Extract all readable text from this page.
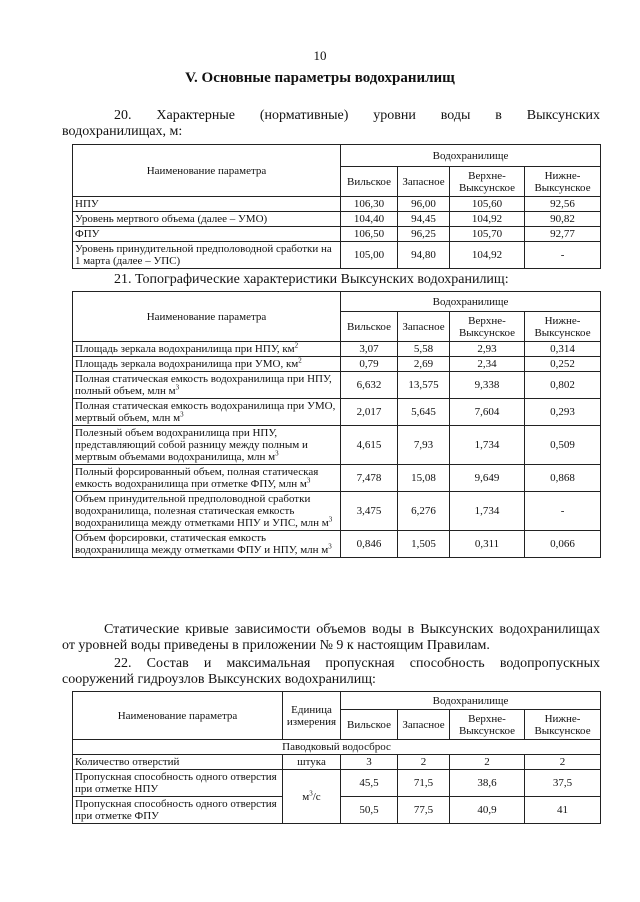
10
V. Основные параметры водохранилищ
20. Характерные (нормативные) уровни воды в Выксунских
водохранилищах, м:
Наименование параметра	Водохранилище			
	Вильское	Запасное	Верхне-Выксунское	Нижне-Выксунское
НПУ	106,30	96,00	105,60	92,56
Уровень мертвого объема (далее – УМО)	104,40	94,45	104,92	90,82
ФПУ	106,50	96,25	105,70	92,77
Уровень принудительной предполоводной сработки на 1 марта (далее – УПС)	105,00	94,80	104,92	-
21. Топографические характеристики Выксунских водохранилищ:
Наименование параметра	Водохранилище			
	Вильское	Запасное	Верхне-Выксунское	Нижне-Выксунское
Площадь зеркала водохранилища при НПУ, $км^2$	3,07	5,58	2,93	0,314
Площадь зеркала водохранилища при УМО, $км^2$	0,79	2,69	2,34	0,252
Полная статическая емкость водохранилища при НПУ, полный объем, млн $м^3$	6,632	13,575	9,338	0,802
Полная статическая емкость водохранилища при УМО, мертвый объем, млн $м^3$	2,017	5,645	7,604	0,293
Полезный объем водохранилища при НПУ, представляющий собой разницу между полным и мертвым объемами водохранилища, млн $м^3$	4,615	7,93	1,734	0,509
Полный форсированный объем, полная статическая емкость водохранилища при отметке ФПУ, млн $м^3$	7,478	15,08	9,649	0,868
Объем принудительной предполоводной сработки водохранилища, полезная статическая емкость водохранилища между отметками НПУ и УПС, млн $м^3$	3,475	6,276	1,734	-
Объем форсировки, статическая емкость водохранилища между отметками ФПУ и НПУ, млн $м^3$	0,846	1,505	0,311	0,066
Статические кривые зависимости объемов воды в Выксунских водохранилищах
от уровней воды приведены в приложении № 9 к настоящим Правилам.
22. Состав и максимальная пропускная способность водопропускных
сооружений гидроузлов Выксунских водохранилищ:
Наименование параметра	Единица измерения	Водохранилище			
		Вильское	Запасное	Верхне-Выксунское	Нижне-Выксунское
Паводковый водосброс					
Количество отверстий	штука	3	2	2	2
Пропускная способность одного отверстия при отметке НПУ	$м^3/с$	45,5	71,5	38,6	37,5
Пропускная способность одного отверстия при отметке ФПУ		50,5	77,5	40,9	41
